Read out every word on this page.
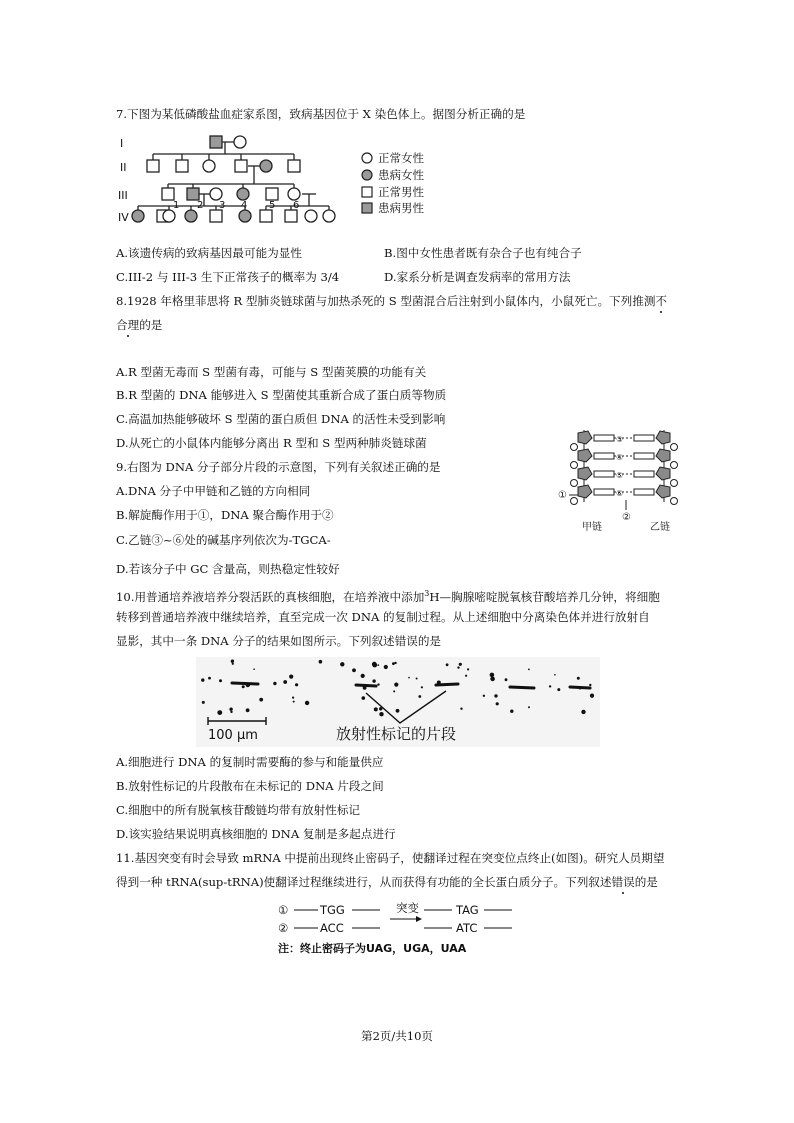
7.下图为某低磷酸盐血症家系图，致病基因位于 X 染色体上。据图分析正确的是
I
II
III
IV
1 2 3 4 5 6
正常女性
患病女性
正常男性
患病男性
A.该遗传病的致病基因最可能为显性	B.图中女性患者既有杂合子也有纯合子
C.III-2 与 III-3 生下正常孩子的概率为 3/4	D.家系分析是调查发病率的常用方法
8.1928 年格里菲思将 R 型肺炎链球菌与加热杀死的 S 型菌混合后注射到小鼠体内，小鼠死亡。下列推测不
合理的是
A.R 型菌无毒而 S 型菌有毒，可能与 S 型菌荚膜的功能有关
B.R 型菌的 DNA 能够进入 S 型菌使其重新合成了蛋白质等物质
C.高温加热能够破坏 S 型菌的蛋白质但 DNA 的活性未受到影响
D.从死亡的小鼠体内能够分离出 R 型和 S 型两种肺炎链球菌
9.右图为 DNA 分子部分片段的示意图，下列有关叙述正确的是
A.DNA 分子中甲链和乙链的方向相同
B.解旋酶作用于①，DNA 聚合酶作用于②
C.乙链③~⑥处的碱基序列依次为-TGCA-
D.若该分子中 GC 含量高，则热稳定性较好
①
②
③
④
⑤
⑥
甲链	乙链
10.用普通培养液培养分裂活跃的真核细胞，在培养液中添加$^3$H—胸腺嘧啶脱氧核苷酸培养几分钟，将细胞
转移到普通培养液中继续培养，直至完成一次 DNA 的复制过程。从上述细胞中分离染色体并进行放射自
显影，其中一条 DNA 分子的结果如图所示。下列叙述错误的是
100 μm	放射性标记的片段
A.细胞进行 DNA 的复制时需要酶的参与和能量供应
B.放射性标记的片段散布在未标记的 DNA 片段之间
C.细胞中的所有脱氧核苷酸链均带有放射性标记
D.该实验结果说明真核细胞的 DNA 复制是多起点进行
11.基因突变有时会导致 mRNA 中提前出现终止密码子，使翻译过程在突变位点终止(如图)。研究人员期望
得到一种 tRNA(sup-tRNA)使翻译过程继续进行，从而获得有功能的全长蛋白质分子。下列叙述错误的是
①	TGG	TAG
②	ACC	ATC
突变
注：终止密码子为UAG，UGA，UAA
第2页/共10页
